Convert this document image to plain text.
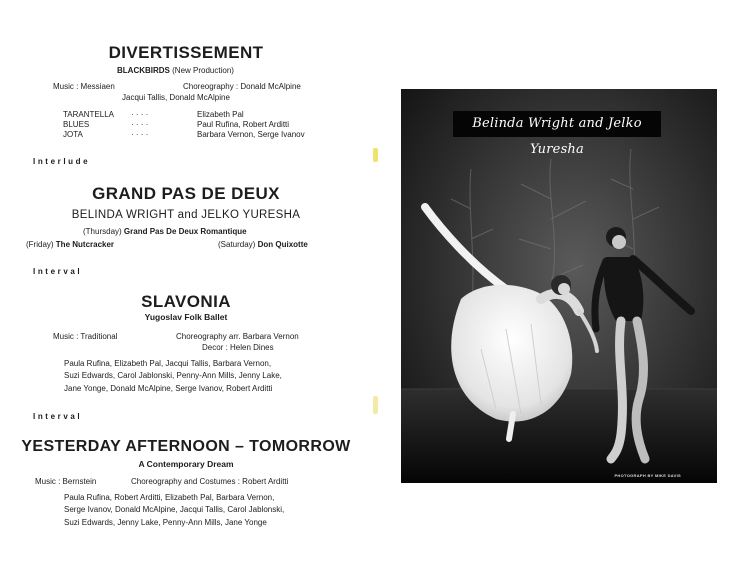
DIVERTISSEMENT
BLACKBIRDS (New Production)
Music : Messiaen	Choreography : Donald McAlpine
Jacqui Tallis, Donald McAlpine
TARANTELLA · · · ·	Elizabeth Pal
BLUES	· · · ·	Paul Rufina, Robert Arditti
JOTA	· · · ·	Barbara Vernon, Serge Ivanov
Interlude
GRAND PAS DE DEUX
BELINDA WRIGHT and JELKO YURESHA
(Thursday) Grand Pas De Deux Romantique
(Friday) The Nutcracker	(Saturday) Don Quixotte
Interval
SLAVONIA
Yugoslav Folk Ballet
Music : Traditional	Choreography arr. Barbara Vernon
Decor : Helen Dines
Paula Rufina, Elizabeth Pal, Jacqui Tallis, Barbara Vernon,
Suzi Edwards, Carol Jablonski, Penny-Ann Mills, Jenny Lake,
Jane Yonge, Donald McAlpine, Serge Ivanov, Robert Arditti
Interval
YESTERDAY AFTERNOON – TOMORROW
A Contemporary Dream
Music : Bernstein	Choreography and Costumes : Robert Arditti
Paula Rufina, Robert Arditti, Elizabeth Pal, Barbara Vernon,
Serge Ivanov, Donald McAlpine, Jacqui Tallis, Carol Jablonski,
Suzi Edwards, Jenny Lake, Penny-Ann Mills, Jane Yonge
Belinda Wright and Jelko Yuresha
PHOTOGRAPH BY MIKE DAVIS
